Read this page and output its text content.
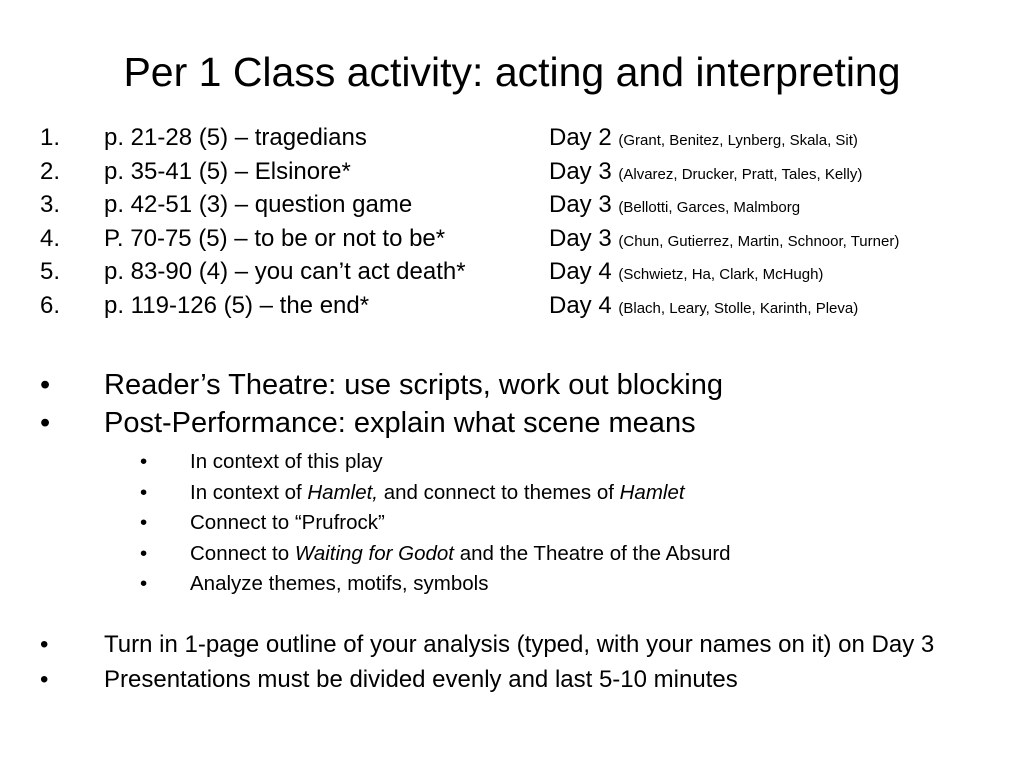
Per 1 Class activity: acting and interpreting
1. p. 21-28 (5) – tragedians	Day 2 (Grant, Benitez, Lynberg, Skala, Sit)
2. p. 35-41 (5) – Elsinore*	Day 3 (Alvarez, Drucker, Pratt, Tales, Kelly)
3. p. 42-51 (3) – question game	Day 3 (Bellotti, Garces, Malmborg
4. P. 70-75 (5) – to be or not to be*	Day 3 (Chun, Gutierrez, Martin, Schnoor, Turner)
5. p. 83-90 (4) – you can’t act death*	Day 4 (Schwietz, Ha, Clark, McHugh)
6. p. 119-126 (5) – the end*	Day 4 (Blach, Leary, Stolle, Karinth, Pleva)
• Reader’s Theatre: use scripts, work out blocking
• Post-Performance: explain what scene means
• In context of this play
• In context of Hamlet, and connect to themes of Hamlet
• Connect to “Prufrock”
• Connect to Waiting for Godot and the Theatre of the Absurd
• Analyze themes, motifs, symbols
• Turn in 1-page outline of your analysis (typed, with your names on it) on Day 3
• Presentations must be divided evenly and last 5-10 minutes
